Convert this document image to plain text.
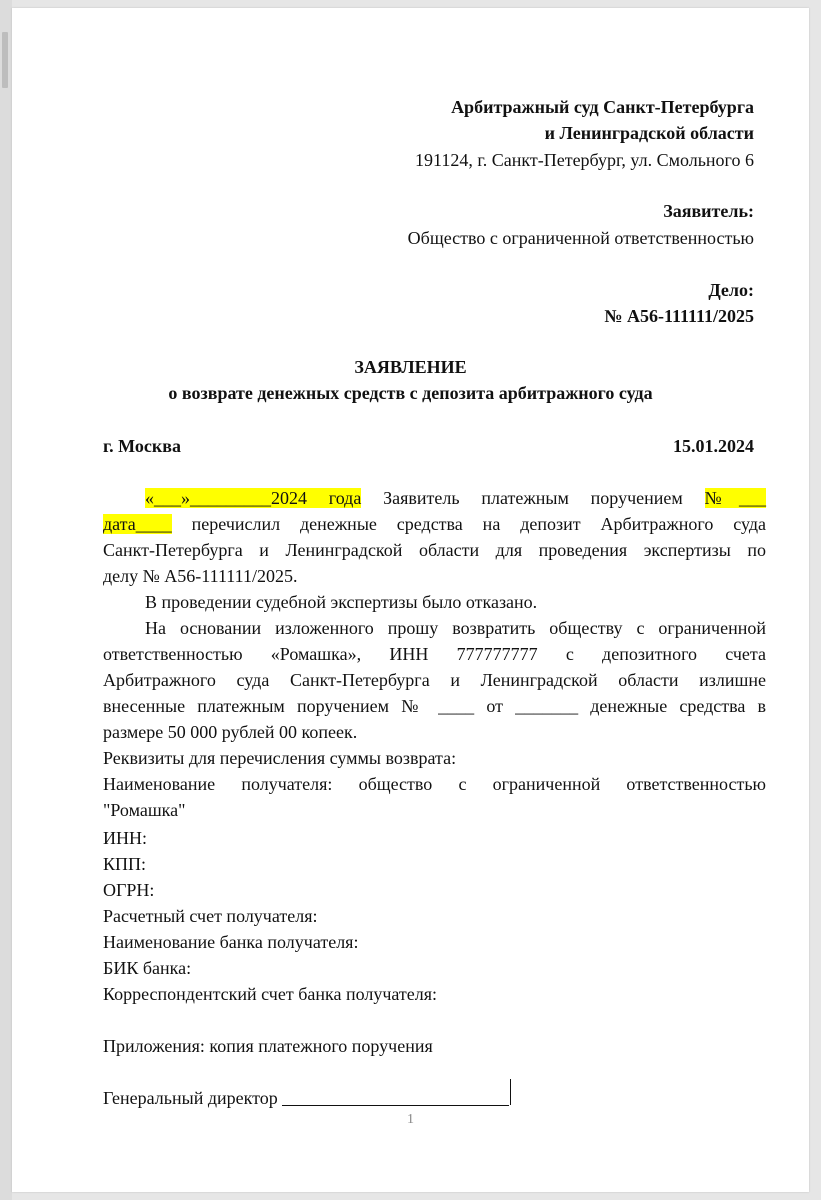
Арбитражный суд Санкт-Петербурга
и Ленинградской области
191124, г. Санкт-Петербург, ул. Смольного 6
Заявитель:
Общество с ограниченной ответственностью
Дело:
№ А56-111111/2025
ЗАЯВЛЕНИЕ
о возврате денежных средств с депозита арбитражного суда
г. Москва	15.01.2024
«___»_________2024 года Заявитель платежным поручением №___
дата____ перечислил денежные средства на депозит Арбитражного суда
Санкт-Петербурга и Ленинградской области для проведения экспертизы по
делу № А56-111111/2025.
В проведении судебной экспертизы было отказано.
На основании изложенного прошу возвратить обществу с ограниченной
ответственностью «Ромашка», ИНН 777777777 с депозитного счета
Арбитражного суда Санкт-Петербурга и Ленинградской области излишне
внесенные платежным поручением № ____ от _______ денежные средства в
размере 50 000 рублей 00 копеек.
Реквизиты для перечисления суммы возврата:
Наименование получателя: общество с ограниченной ответственностью
"Ромашка"
ИНН:
КПП:
ОГРН:
Расчетный счет получателя:
Наименование банка получателя:
БИК банка:
Корреспондентский счет банка получателя:
Приложения: копия платежного поручения
Генеральный директор
1
